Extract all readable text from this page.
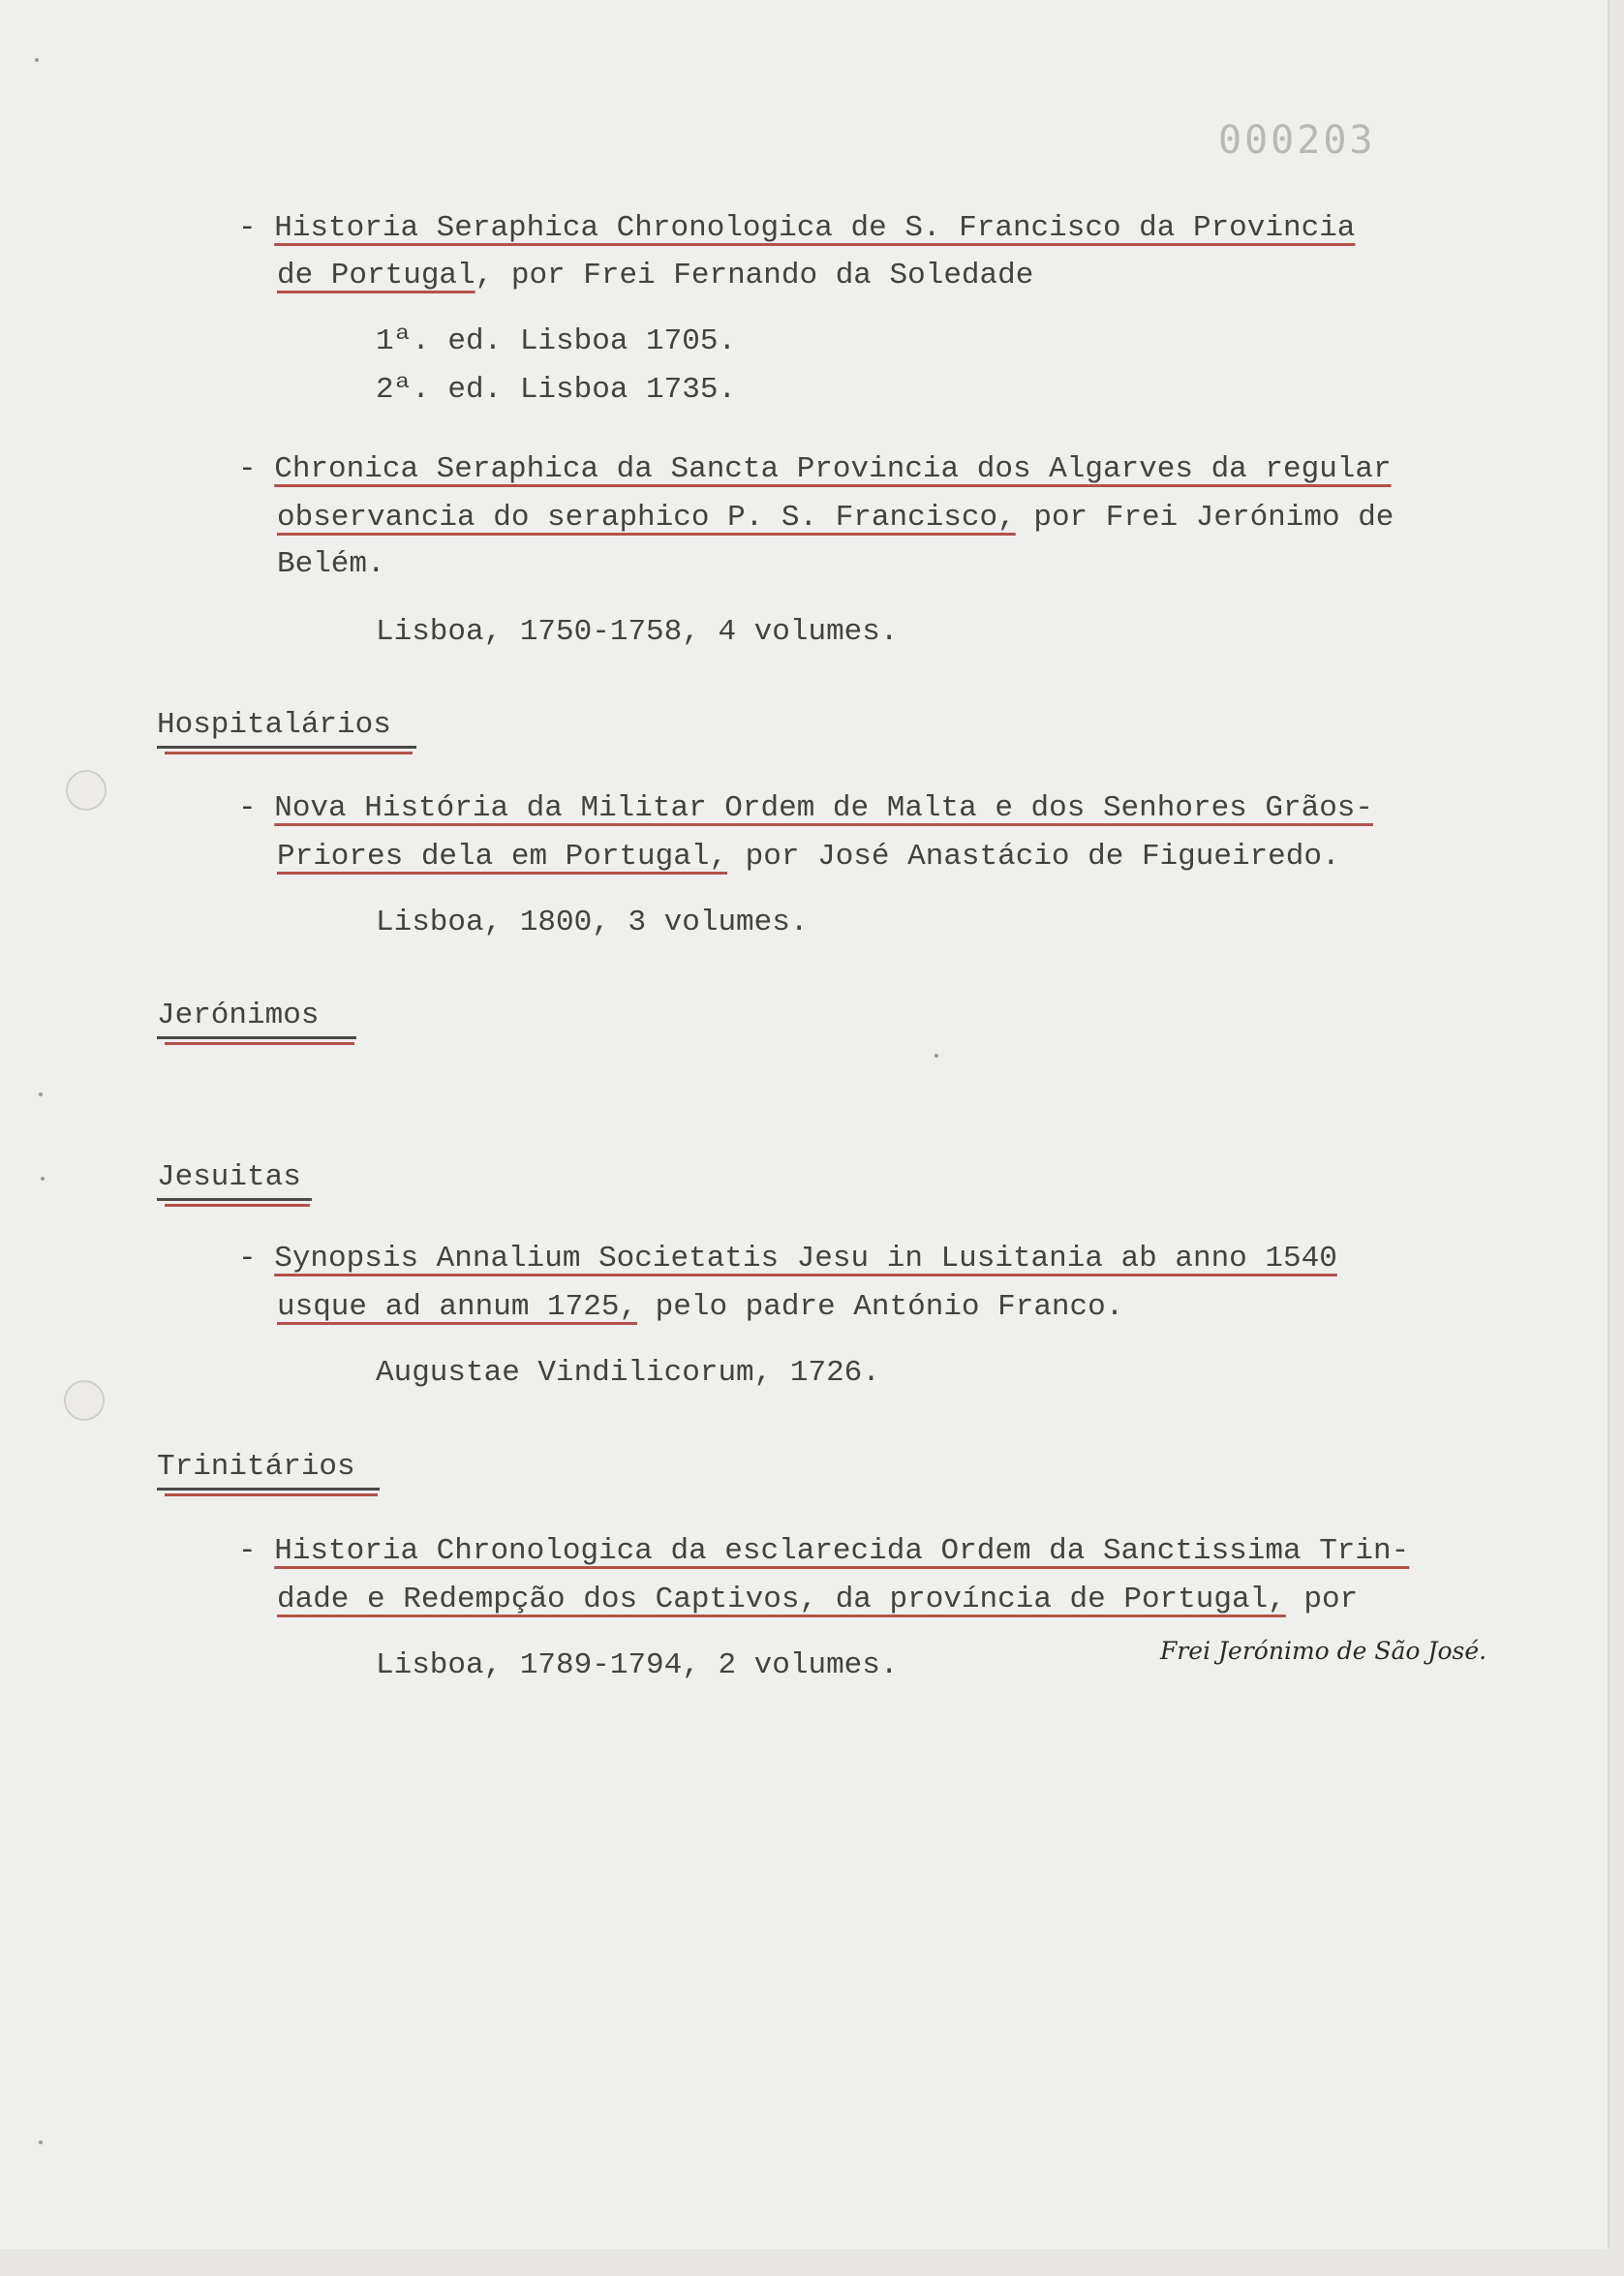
000203
- Historia Seraphica Chronologica de S. Francisco da Provincia
de Portugal, por Frei Fernando da Soledade
1ª. ed. Lisboa 1705.
2ª. ed. Lisboa 1735.
- Chronica Seraphica da Sancta Provincia dos Algarves da regular
observancia do seraphico P. S. Francisco, por Frei Jerónimo de
Belém.
Lisboa, 1750-1758, 4 volumes.
Hospitalários
- Nova História da Militar Ordem de Malta e dos Senhores Grãos-
Priores dela em Portugal, por José Anastácio de Figueiredo.
Lisboa, 1800, 3 volumes.
Jerónimos
Jesuitas
- Synopsis Annalium Societatis Jesu in Lusitania ab anno 1540
usque ad annum 1725, pelo padre António Franco.
Augustae Vindilicorum, 1726.
Trinitários
- Historia Chronologica da esclarecida Ordem da Sanctissima Trin-
dade e Redempção dos Captivos, da província de Portugal, por
Lisboa, 1789-1794, 2 volumes.	Frei Jerónimo de São José.
